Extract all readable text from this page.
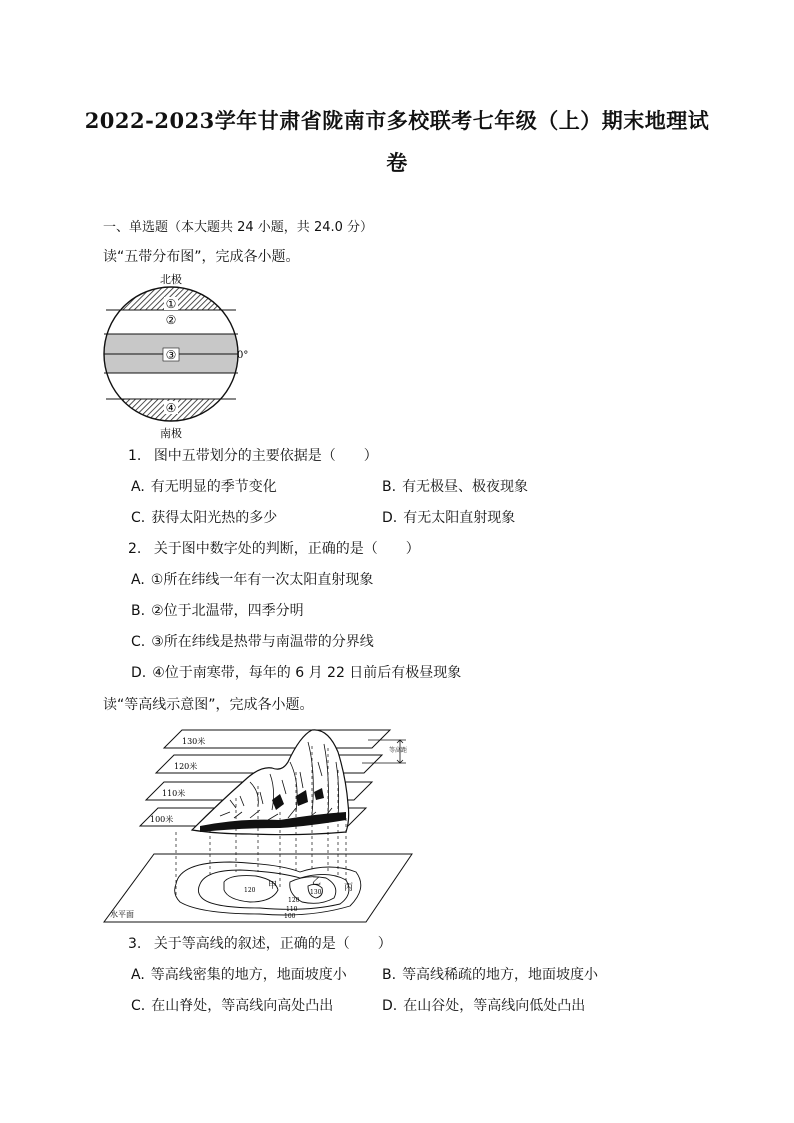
2022-2023学年甘肃省陇南市多校联考七年级（上）期末地理试
卷
一、单选题（本大题共 24 小题，共 24.0 分）
读“五带分布图”，完成各小题。
北极
①
②
③	0°
④
南极
1. 图中五带划分的主要依据是（　　）
A. 有无明显的季节变化	B. 有无极昼、极夜现象
C. 获得太阳光热的多少	D. 有无太阳直射现象
2. 关于图中数字处的判断，正确的是（　　）
A. ①所在纬线一年有一次太阳直射现象
B. ②位于北温带，四季分明
C. ③所在纬线是热带与南温带的分界线
D. ④位于南寒带，每年的 6 月 22 日前后有极昼现象
读“等高线示意图”，完成各小题。
130米
120米
110米
100米
等高距
水平面
甲	乙
丙
120	130
120
110
100
3. 关于等高线的叙述，正确的是（　　）
A. 等高线密集的地方，地面坡度小	B. 等高线稀疏的地方，地面坡度小
C. 在山脊处，等高线向高处凸出	D. 在山谷处，等高线向低处凸出
